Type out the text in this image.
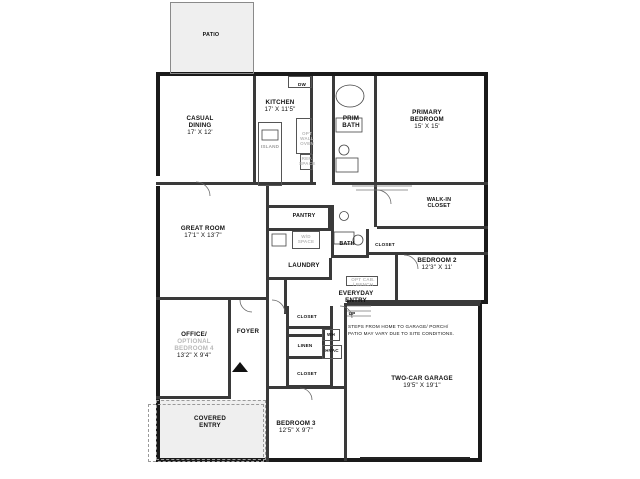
PATIO
CASUAL
DINING
17' X 12'
KITCHEN
17' X 11'5"
ISLAND
OPT
WALL
OVEN
DW
REF.
SPACE
PRIM
BATH
PRIMARY
BEDROOM
15' X 15'
WALK-IN
CLOSET
GREAT ROOM
17'1" X 13'7"
PANTRY
W/D
SPACE	BATH	CLOSET
BEDROOM 2
12'3" X 11'
LAUNDRY
OPT CAB.
/ BENCH
EVERYDAY
ENTRY
OFFICE/
OPTIONAL
BEDROOM 4
13'2" X 9'4"
FOYER
CLOSET
LINEN
CLOSET
WH
HVAC
UP
TWO-CAR GARAGE
19'5" X 19'1"
BEDROOM 3
12'5" X 9'7"
COVERED
ENTRY
STEPS FROM HOME TO GARAGE/ PORCH/
PATIO MAY VARY DUE TO SITE CONDITIONS.
